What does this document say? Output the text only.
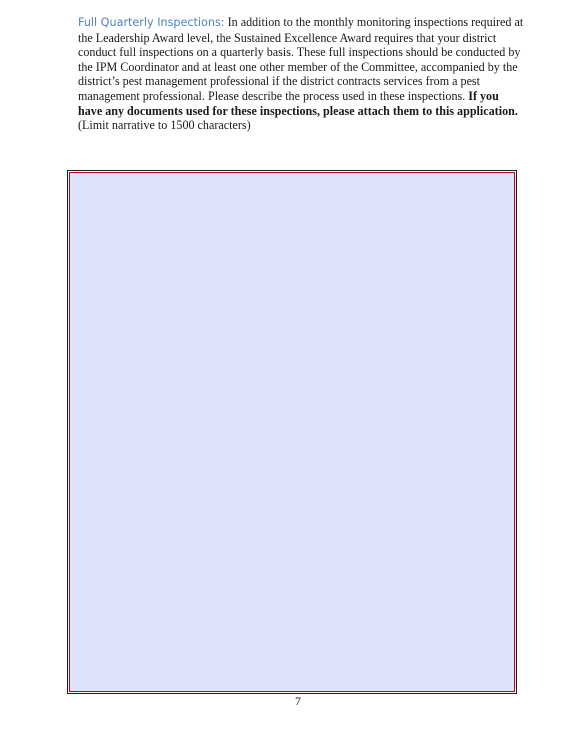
Full Quarterly Inspections: In addition to the monthly monitoring inspections required at the Leadership Award level, the Sustained Excellence Award requires that your district conduct full inspections on a quarterly basis. These full inspections should be conducted by the IPM Coordinator and at least one other member of the Committee, accompanied by the district’s pest management professional if the district contracts services from a pest management professional. Please describe the process used in these inspections. If you have any documents used for these inspections, please attach them to this application. (Limit narrative to 1500 characters)
7
